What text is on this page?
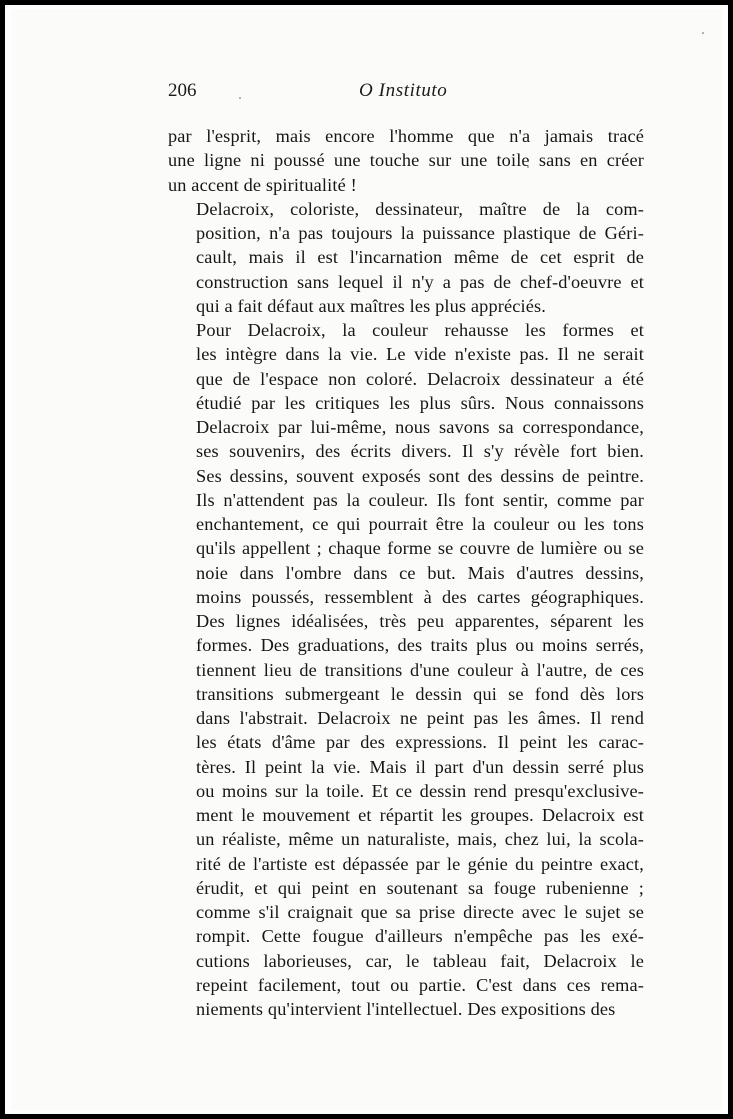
206	O Instituto

par l'esprit, mais encore l'homme que n'a jamais tracé
une ligne ni poussé une touche sur une toile sans en créer
un accent de spiritualité !

Delacroix, coloriste, dessinateur, maître de la com-
position, n'a pas toujours la puissance plastique de Géri-
cault, mais il est l'incarnation même de cet esprit de
construction sans lequel il n'y a pas de chef-d'oeuvre et
qui a fait défaut aux maîtres les plus appréciés.

Pour Delacroix, la couleur rehausse les formes et
les intègre dans la vie. Le vide n'existe pas. Il ne serait
que de l'espace non coloré. Delacroix dessinateur a été
étudié par les critiques les plus sûrs. Nous connaissons
Delacroix par lui-même, nous savons sa correspondance,
ses souvenirs, des écrits divers. Il s'y révèle fort bien.
Ses dessins, souvent exposés sont des dessins de peintre.
Ils n'attendent pas la couleur. Ils font sentir, comme par
enchantement, ce qui pourrait être la couleur ou les tons
qu'ils appellent ; chaque forme se couvre de lumière ou se
noie dans l'ombre dans ce but. Mais d'autres dessins,
moins poussés, ressemblent à des cartes géographiques.
Des lignes idéalisées, très peu apparentes, séparent les
formes. Des graduations, des traits plus ou moins serrés,
tiennent lieu de transitions d'une couleur à l'autre, de ces
transitions submergeant le dessin qui se fond dès lors
dans l'abstrait. Delacroix ne peint pas les âmes. Il rend
les états d'âme par des expressions. Il peint les carac-
tères. Il peint la vie. Mais il part d'un dessin serré plus
ou moins sur la toile. Et ce dessin rend presqu'exclusive-
ment le mouvement et répartit les groupes. Delacroix est
un réaliste, même un naturaliste, mais, chez lui, la scola-
rité de l'artiste est dépassée par le génie du peintre exact,
érudit, et qui peint en soutenant sa fouge rubenienne ;
comme s'il craignait que sa prise directe avec le sujet se
rompit. Cette fougue d'ailleurs n'empêche pas les exé-
cutions laborieuses, car, le tableau fait, Delacroix le
repeint facilement, tout ou partie. C'est dans ces rema-
niements qu'intervient l'intellectuel. Des expositions des
